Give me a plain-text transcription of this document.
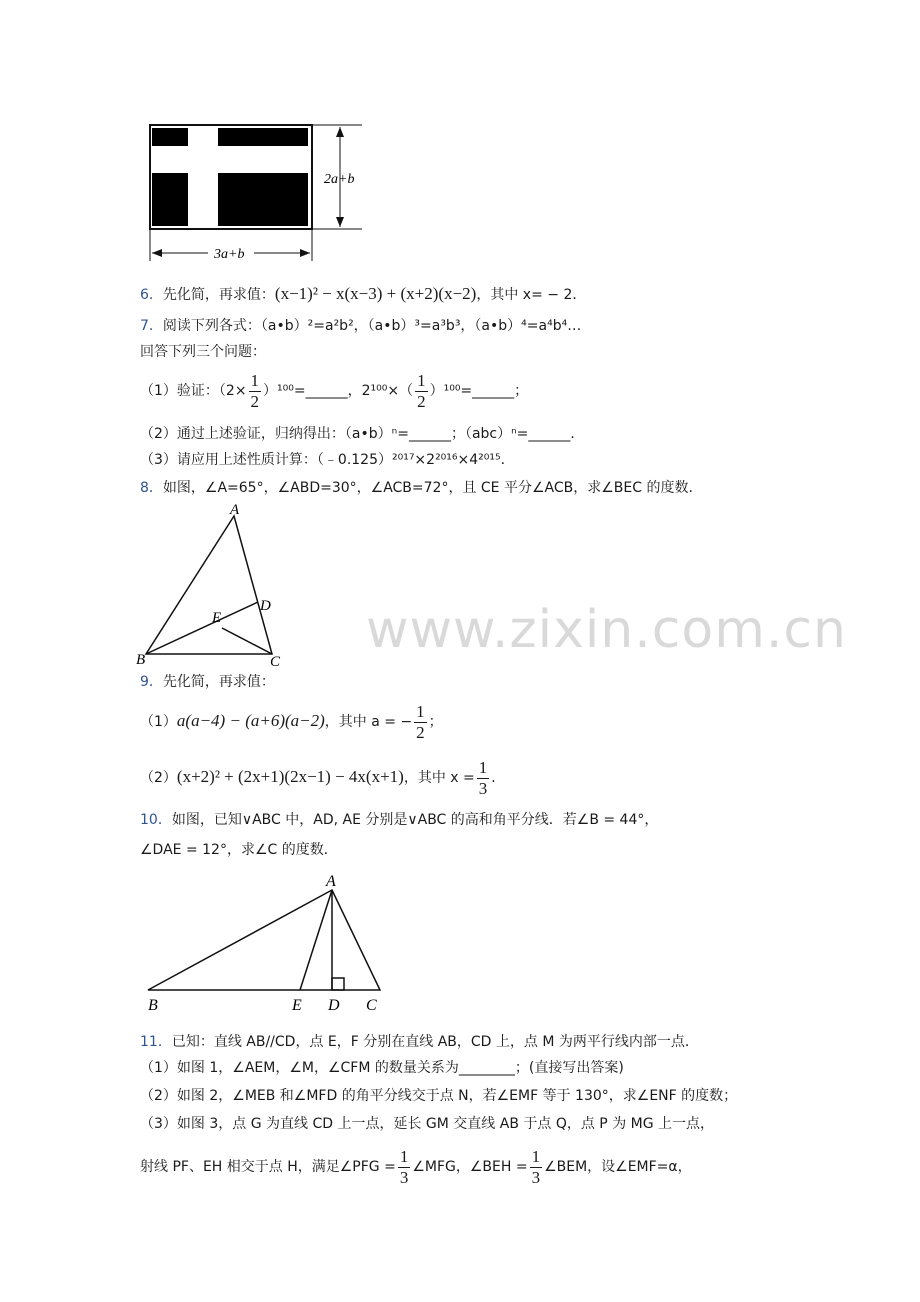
www.zixin.com.cn
2a+b
3a+b
6．先化简，再求值：(x−1)² − x(x−3) + (x+2)(x−2)，其中 x= − 2．
7．阅读下列各式：（a•b）²=a²b²，（a•b）³=a³b³，（a•b）⁴=a⁴b⁴…
回答下列三个问题：
（1）验证：（$2\times \frac{1}{2}$ ）¹⁰⁰=______，$2^{100}\times( \frac{1}{2}$ ）¹⁰⁰=______；
（2）通过上述验证，归纳得出：（a•b）ⁿ=______；（abc）ⁿ=______．
（3）请应用上述性质计算：（﹣0.125）²⁰¹⁷×2²⁰¹⁶×4²⁰¹⁵．
8．如图，∠A=65°，∠ABD=30°，∠ACB=72°，且 CE 平分∠ACB，求∠BEC 的度数．
A
B	C
D
E
9．先化简，再求值：
（1）a(a−4) − (a+6)(a−2)，其中 a = − $\frac{1}{2}$ ；
（2）(x+2)² + (2x+1)(2x−1) − 4x(x+1)，其中 $x = \frac{1}{3}$ ．
10．如图，已知∨ABC 中，AD, AE 分别是∨ABC 的高和角平分线．若∠B = 44°，
∠DAE = 12°，求∠C 的度数．
A
B	E D C
11．已知：直线 AB//CD，点 E，F 分别在直线 AB，CD 上，点 M 为两平行线内部一点．
（1）如图 1，∠AEM，∠M，∠CFM 的数量关系为________；(直接写出答案)
（2）如图 2，∠MEB 和∠MFD 的角平分线交于点 N，若∠EMF 等于 130°，求∠ENF 的度数；
（3）如图 3，点 G 为直线 CD 上一点，延长 GM 交直线 AB 于点 Q，点 P 为 MG 上一点，
射线 PF、EH 相交于点 H，满足∠PFG = $\frac{1}{3}$ ∠MFG，∠BEH = $\frac{1}{3}$ ∠BEM，设∠EMF=α，
